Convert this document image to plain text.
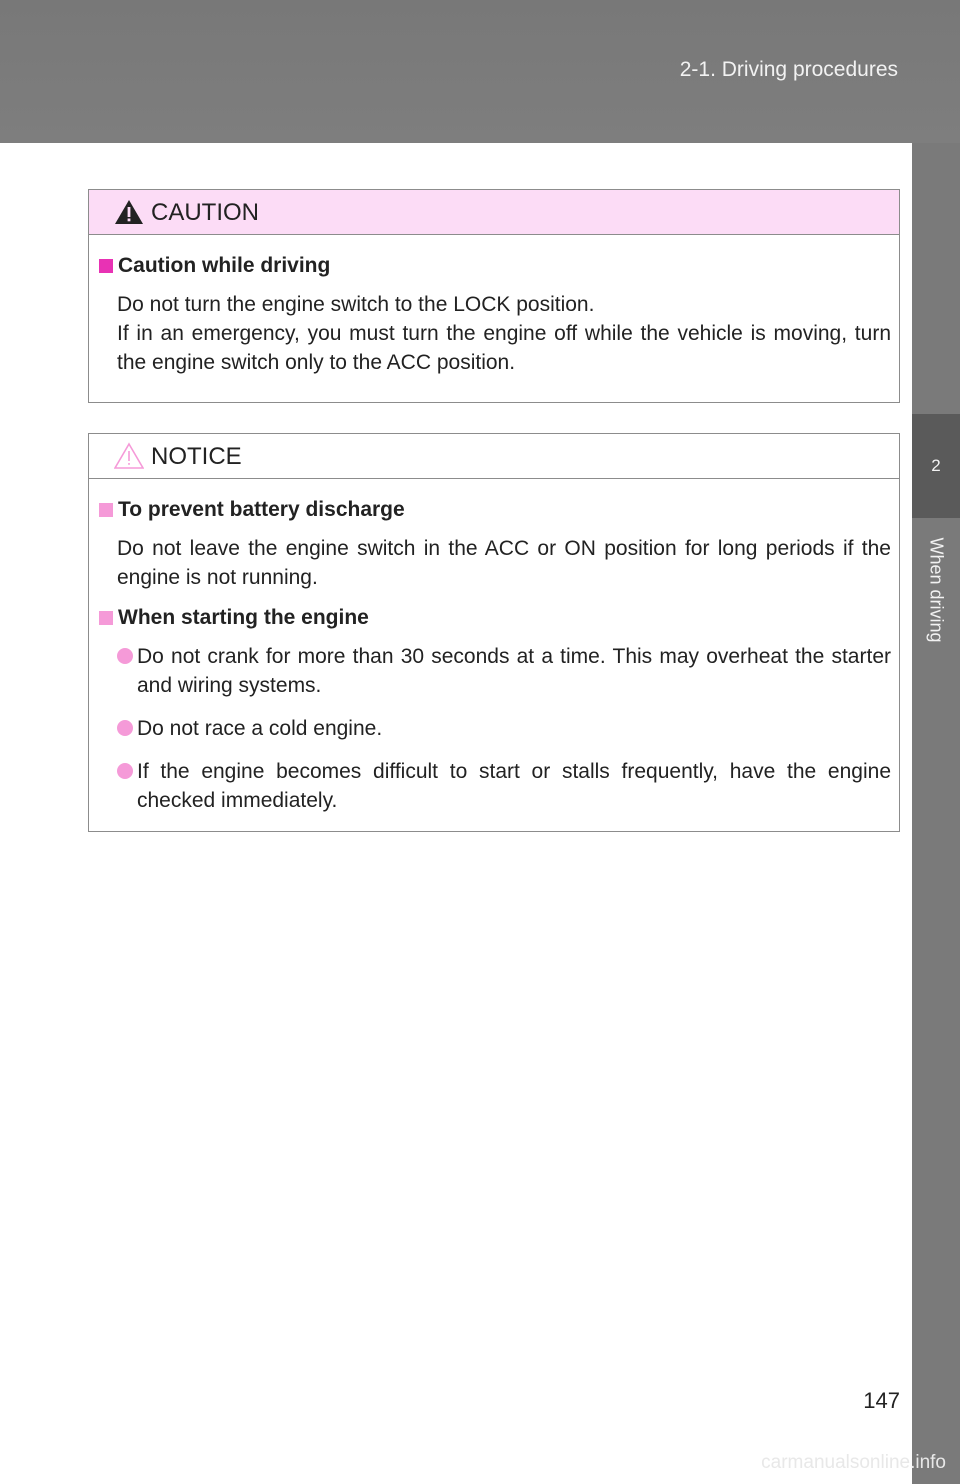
2-1. Driving procedures
2
When driving
CAUTION
Caution while driving
Do not turn the engine switch to the LOCK position.
If in an emergency, you must turn the engine off while the vehicle is moving, turn the engine switch only to the ACC position.
NOTICE
To prevent battery discharge
Do not leave the engine switch in the ACC or ON position for long periods if the engine is not running.
When starting the engine
Do not crank for more than 30 seconds at a time. This may overheat the starter and wiring systems.
Do not race a cold engine.
If the engine becomes difficult to start or stalls frequently, have the engine checked immediately.
147
carmanualsonline.info
